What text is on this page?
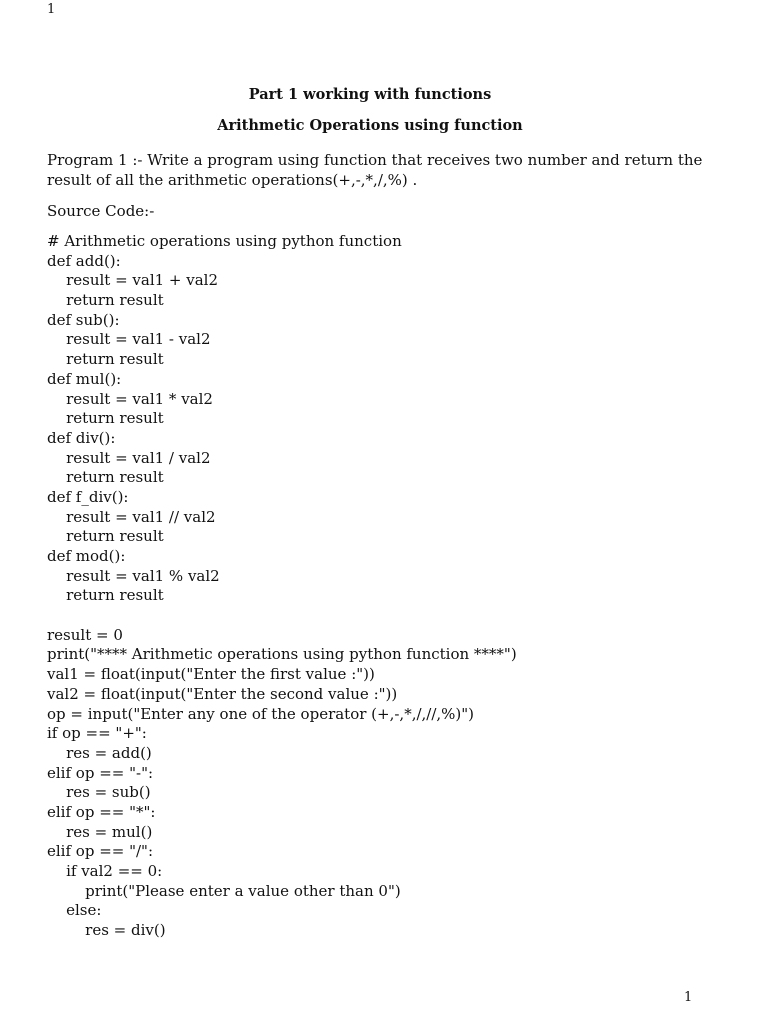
1
Part 1 working with functions
Arithmetic Operations using function
Program 1 :- Write a program using function that receives two number and return the result of all the arithmetic operations(+,-,*,/,%) .
Source Code:-
# Arithmetic operations using python function
def add():
result = val1 + val2
return result
def sub():
result = val1 - val2
return result
def mul():
result = val1 * val2
return result
def div():
result = val1 / val2
return result
def f_div():
result = val1 // val2
return result
def mod():
result = val1 % val2
return result
result = 0
print("**** Arithmetic operations using python function ****")
val1 = float(input("Enter the first value :"))
val2 = float(input("Enter the second value :"))
op = input("Enter any one of the operator (+,-,*,/,//,%)")
if op == "+":
res = add()
elif op == "-":
res = sub()
elif op == "*":
res = mul()
elif op == "/":
if val2 == 0:
print("Please enter a value other than 0")
else:
res = div()
1
